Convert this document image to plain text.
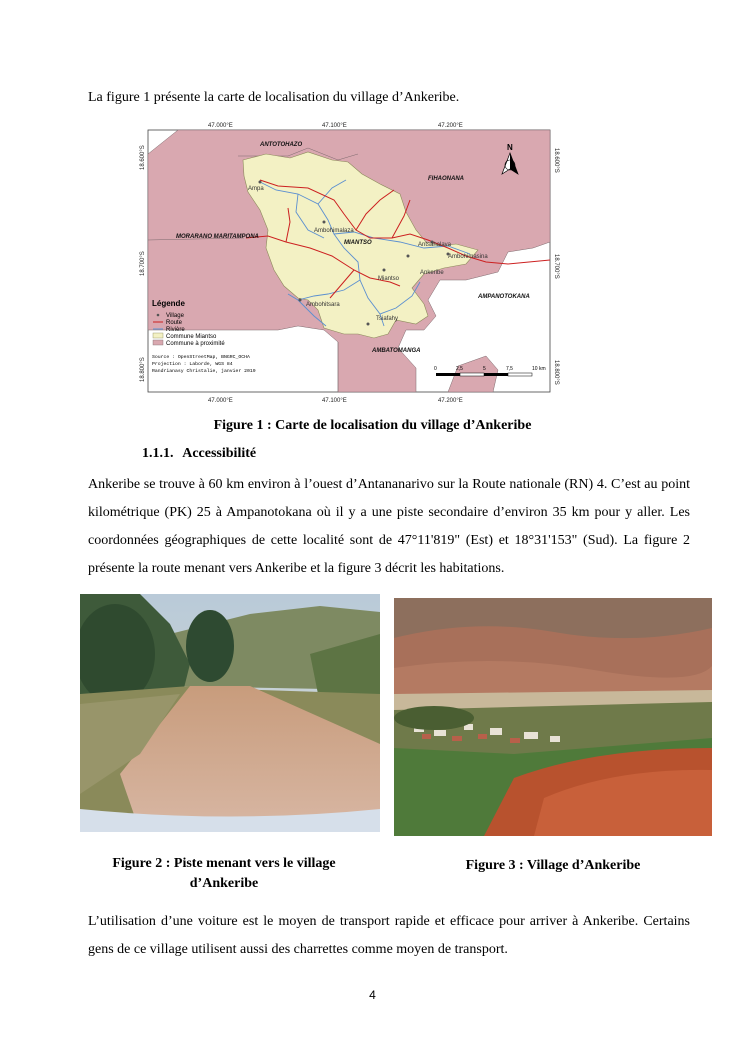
La figure 1 présente la carte de localisation du village d’Ankeribe.
47.000°E	47.100°E	47.200°E
47.000°E	47.100°E	47.200°E
18.600°S
18.700°S
18.800°S
18.600°S
18.700°S
18.800°S
Ampa
Ambohimalaza
Miantso
Antsahalava
Ankeribe
Ambohimasina
Ambohitsara
Tsiafahy
ANTOTOHAZO
FIHAONANA
MORARANO MARITAMPONA
MIANTSO
AMPANOTOKANA
AMBATOMANGA
N
Légende
Village
Route
Rivière
Commune Miantso
Commune à proximité
Source : OpenStreetMap, BNGRC_OCHA
Projection : Laborde, WGS 84
Randrianasy Christalie, janvier 2019	0	2,5	5	7,5	10 km
Figure 1 : Carte de localisation du village d’Ankeribe
1.1.1. Accessibilité
Ankeribe se trouve à 60 km environ à l’ouest d’Antananarivo sur la Route nationale (RN) 4. C’est au point kilométrique (PK) 25 à Ampanotokana où il y a une piste secondaire d’environ 35 km pour y aller. Les coordonnées géographiques de cette localité sont de 47°11'819" (Est) et 18°31'153" (Sud). La figure 2 présente la route menant vers Ankeribe et la figure 3 décrit les habitations.
Figure 2 : Piste menant vers le village d’Ankeribe
Figure 3 : Village d’Ankeribe
L’utilisation d’une voiture est le moyen de transport rapide et efficace pour arriver à Ankeribe. Certains gens de ce village utilisent aussi des charrettes comme moyen de transport.
4
